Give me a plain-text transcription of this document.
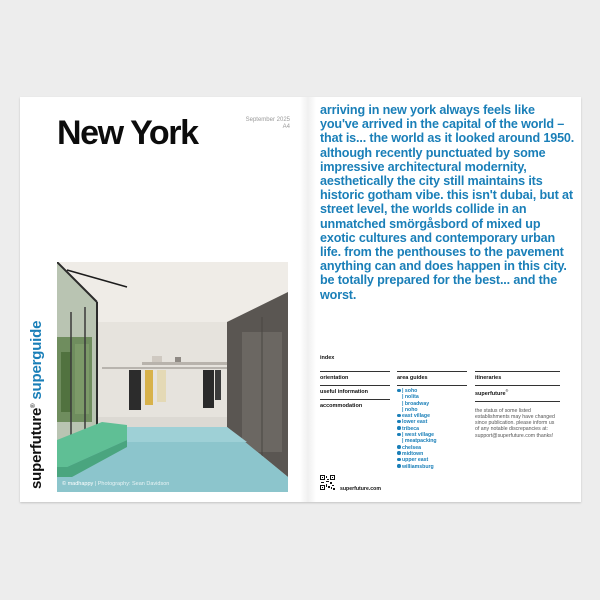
superfuture®superguide
New York	September 2025
A4
© madhappy | Photography: Sean Davidson

arriving in new york always feels like you've arrived in the capital of the world – that is... the world as it looked around 1950. although recently punctuated by some impressive architectural modernity, aesthetically the city still maintains its historic gotham vibe. this isn't dubai, but at street level, the worlds collide in an unmatched smörgåsbord of mixed up exotic cultures and contemporary urban life. from the penthouses to the pavement anything can and does happen in this city. be totally prepared for the best... and the worst.

index
orientation
useful information
accommodation
area guides
| soho
| nolita
| broadway
| noho
east village
lower east
tribeca
| west village
| meatpacking
chelsea
midtown
upper east
williamsburg
itineraries
superfuture®
the status of some listed establishments may have changed since publication. please inform us of any notable discrepancies at: support@superfuture.com thanks!
superfuture.com
